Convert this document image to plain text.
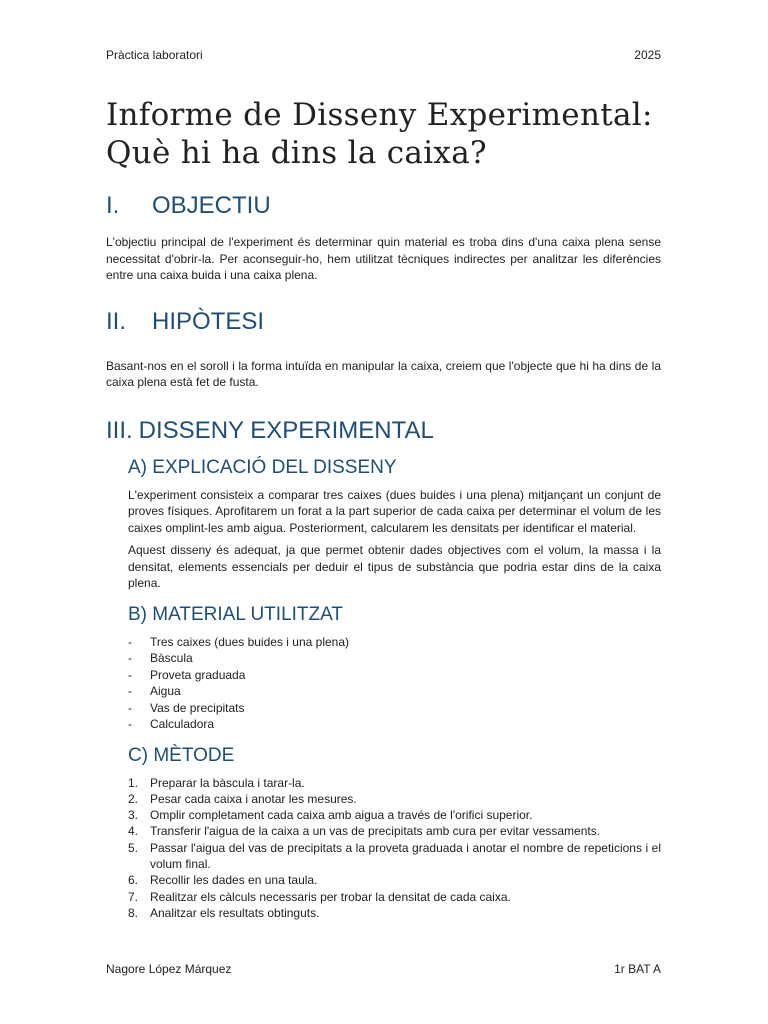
Pràctica laboratori	2025
Informe de Disseny Experimental:
Què hi ha dins la caixa?
I.	OBJECTIU

L'objectiu principal de l'experiment és determinar quin material es troba dins d'una caixa plena sense necessitat d'obrir-la. Per aconseguir-ho, hem utilitzat tècniques indirectes per analitzar les diferències entre una caixa buida i una caixa plena.

II.	HIPÒTESI

Basant-nos en el soroll i la forma intuïda en manipular la caixa, creiem que l'objecte que hi ha dins de la caixa plena està fet de fusta.

III. DISSENY EXPERIMENTAL
A) EXPLICACIÓ DEL DISSENY

L'experiment consisteix a comparar tres caixes (dues buides i una plena) mitjançant un conjunt de proves físiques. Aprofitarem un forat a la part superior de cada caixa per determinar el volum de les caixes omplint-les amb aigua. Posteriorment, calcularem les densitats per identificar el material.

Aquest disseny és adequat, ja que permet obtenir dades objectives com el volum, la massa i la densitat, elements essencials per deduir el tipus de substància que podria estar dins de la caixa plena.

B) MATERIAL UTILITZAT
- Tres caixes (dues buides i una plena)
- Bàscula
- Proveta graduada
- Aigua
- Vas de precipitats
- Calculadora
C) MÈTODE
1. Preparar la bàscula i tarar-la.
2. Pesar cada caixa i anotar les mesures.
3. Omplir completament cada caixa amb aigua a través de l'orifici superior.
4. Transferir l'aigua de la caixa a un vas de precipitats amb cura per evitar vessaments.
5. Passar l'aigua del vas de precipitats a la proveta graduada i anotar el nombre de repeticions i el volum final.
6. Recollir les dades en una taula.
7. Realitzar els càlculs necessaris per trobar la densitat de cada caixa.
8. Analitzar els resultats obtinguts.
Nagore López Márquez	1r BAT A
